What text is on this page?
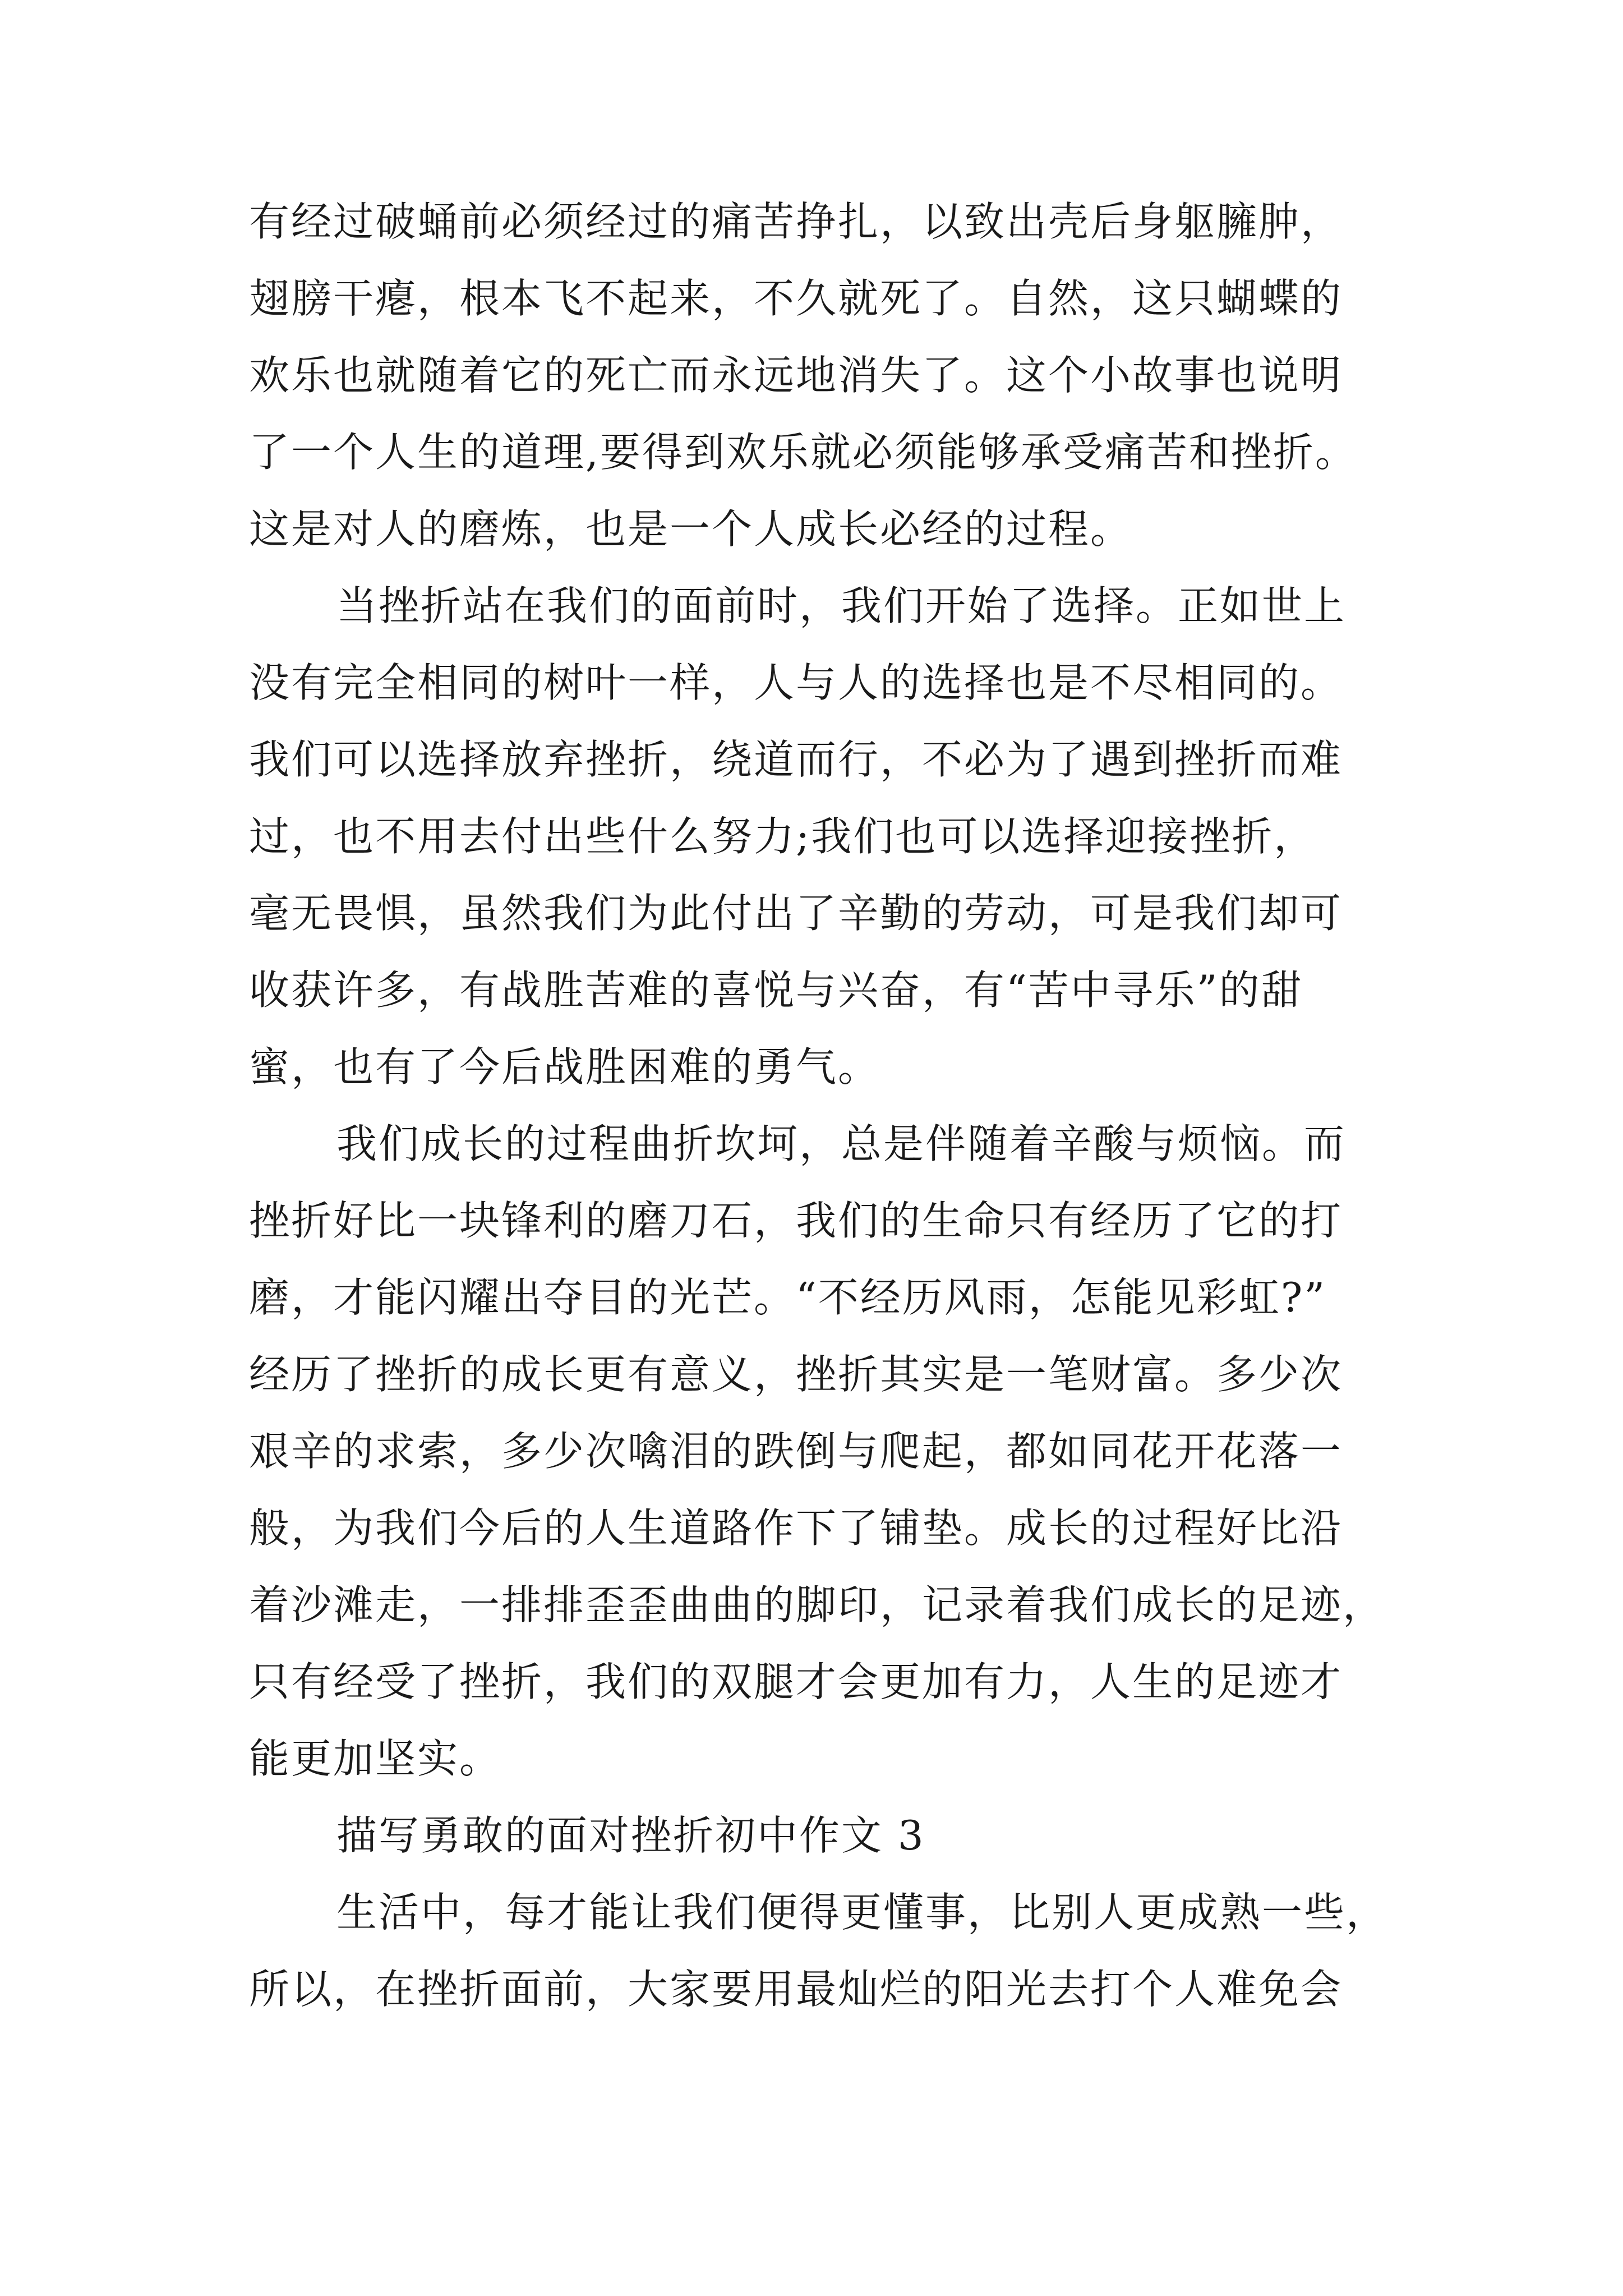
有经过破蛹前必须经过的痛苦挣扎，以致出壳后身躯臃肿，

翅膀干瘪，根本飞不起来，不久就死了。自然，这只蝴蝶的

欢乐也就随着它的死亡而永远地消失了。这个小故事也说明

了一个人生的道理,要得到欢乐就必须能够承受痛苦和挫折。

这是对人的磨炼，也是一个人成长必经的过程。

当挫折站在我们的面前时，我们开始了选择。正如世上

没有完全相同的树叶一样，人与人的选择也是不尽相同的。

我们可以选择放弃挫折，绕道而行，不必为了遇到挫折而难

过，也不用去付出些什么努力;我们也可以选择迎接挫折，

毫无畏惧，虽然我们为此付出了辛勤的劳动，可是我们却可

收获许多，有战胜苦难的喜悦与兴奋，有“苦中寻乐”的甜

蜜，也有了今后战胜困难的勇气。

我们成长的过程曲折坎坷，总是伴随着辛酸与烦恼。而

挫折好比一块锋利的磨刀石，我们的生命只有经历了它的打

磨，才能闪耀出夺目的光芒。“不经历风雨，怎能见彩虹?”

经历了挫折的成长更有意义，挫折其实是一笔财富。多少次

艰辛的求索，多少次噙泪的跌倒与爬起，都如同花开花落一

般，为我们今后的人生道路作下了铺垫。成长的过程好比沿

着沙滩走，一排排歪歪曲曲的脚印，记录着我们成长的足迹，

只有经受了挫折，我们的双腿才会更加有力，人生的足迹才

能更加坚实。

描写勇敢的面对挫折初中作文 3

生活中，每才能让我们便得更懂事，比别人更成熟一些，

所以，在挫折面前，大家要用最灿烂的阳光去打个人难免会
